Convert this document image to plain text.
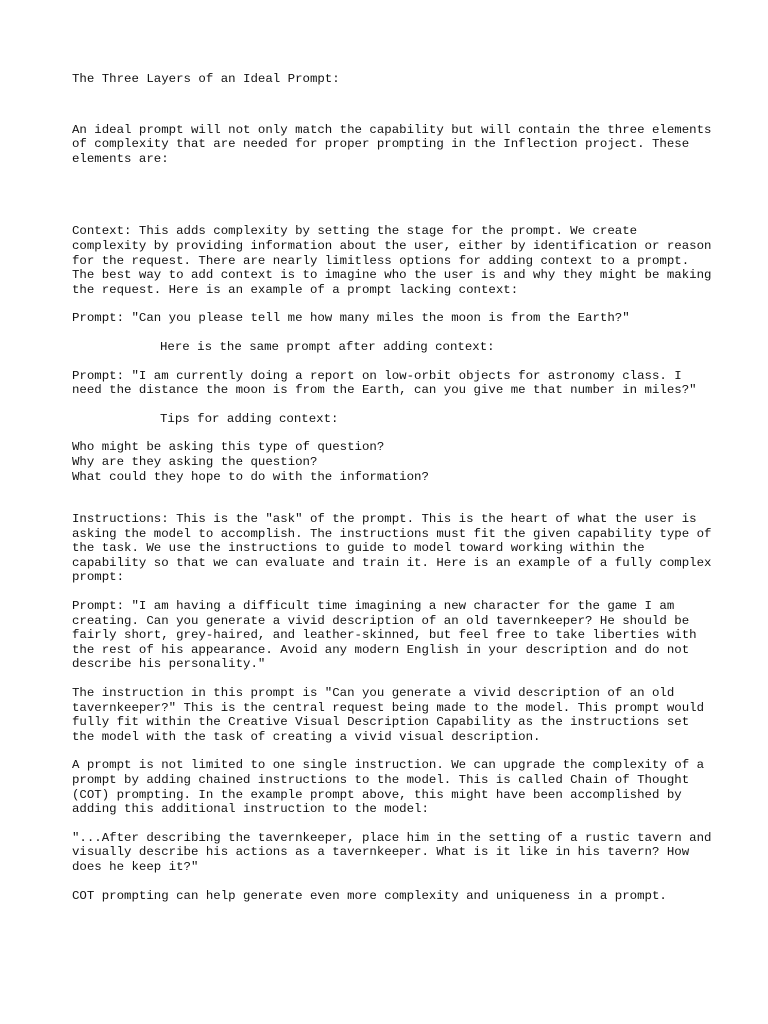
The Three Layers of an Ideal Prompt:

An ideal prompt will not only match the capability but will contain the three elements of complexity that are needed for proper prompting in the Inflection project. These elements are:

Context: This adds complexity by setting the stage for the prompt. We create complexity by providing information about the user, either by identification or reason for the request. There are nearly limitless options for adding context to a prompt. The best way to add context is to imagine who the user is and why they might be making the request. Here is an example of a prompt lacking context:

Prompt: "Can you please tell me how many miles the moon is from the Earth?"

Here is the same prompt after adding context:

Prompt: "I am currently doing a report on low-orbit objects for astronomy class. I need the distance the moon is from the Earth, can you give me that number in miles?"

Tips for adding context:

Who might be asking this type of question?

Why are they asking the question?

What could they hope to do with the information?

Instructions: This is the "ask" of the prompt. This is the heart of what the user is asking the model to accomplish. The instructions must fit the given capability type of the task. We use the instructions to guide to model toward working within the capability so that we can evaluate and train it. Here is an example of a fully complex prompt:

Prompt: "I am having a difficult time imagining a new character for the game I am creating. Can you generate a vivid description of an old tavernkeeper? He should be fairly short, grey-haired, and leather-skinned, but feel free to take liberties with the rest of his appearance. Avoid any modern English in your description and do not describe his personality."

The instruction in this prompt is "Can you generate a vivid description of an old tavernkeeper?" This is the central request being made to the model. This prompt would fully fit within the Creative Visual Description Capability as the instructions set the model with the task of creating a vivid visual description.

A prompt is not limited to one single instruction. We can upgrade the complexity of a prompt by adding chained instructions to the model. This is called Chain of Thought (COT) prompting. In the example prompt above, this might have been accomplished by adding this additional instruction to the model:

"...After describing the tavernkeeper, place him in the setting of a rustic tavern and visually describe his actions as a tavernkeeper. What is it like in his tavern? How does he keep it?"

COT prompting can help generate even more complexity and uniqueness in a prompt.
